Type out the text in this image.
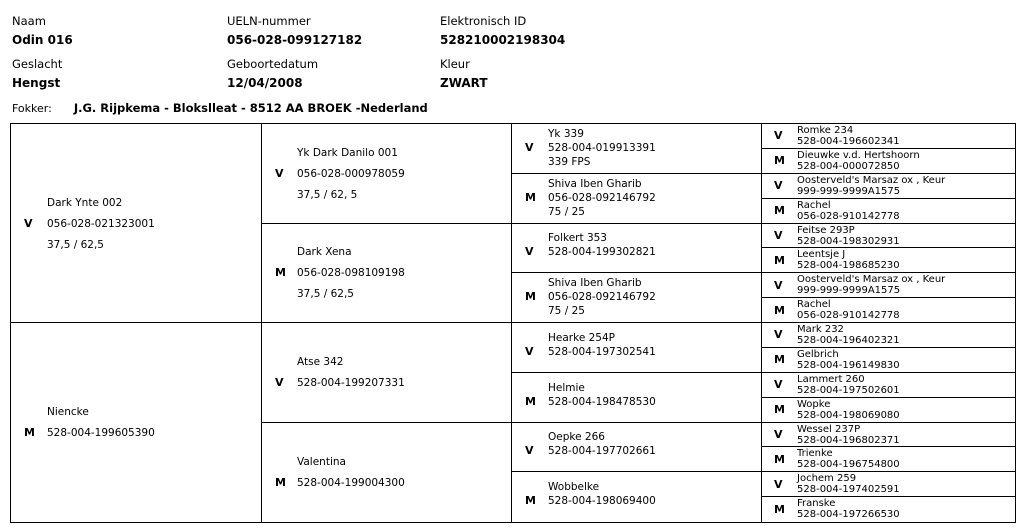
Naam
Odin 016
UELN-nummer
056-028-099127182
Elektronisch ID
528210002198304
Geslacht
Hengst
Geboortedatum
12/04/2008
Kleur
ZWART
Fokker: J.G. Rijpkema - Blokslleat - 8512 AA BROEK -Nederland
V
Dark Ynte 002
056-028-021323001
37,5 / 62,5
M
Niencke
528-004-199605390
V
Yk Dark Danilo 001
056-028-000978059
37,5 / 62, 5
M
Dark Xena
056-028-098109198
37,5 / 62,5
V
Atse 342
528-004-199207331
M
Valentina
528-004-199004300
V
Yk 339
528-004-019913391
339 FPS
M
Shiva Iben Gharib
056-028-092146792
75 / 25
V
Folkert 353
528-004-199302821
M
Shiva Iben Gharib
056-028-092146792
75 / 25
V
Hearke 254P
528-004-197302541
M
Helmie
528-004-198478530
V
Oepke 266
528-004-197702661
M
Wobbelke
528-004-198069400
V Romke 234
528-004-196602341
M Dieuwke v.d. Hertshoorn
528-004-000072850
V Oosterveld's Marsaz ox , Keur
999-999-9999A1575
M Rachel
056-028-910142778
V Feitse 293P
528-004-198302931
M Leentsje J
528-004-198685230
V Oosterveld's Marsaz ox , Keur
999-999-9999A1575
M Rachel
056-028-910142778
V Mark 232
528-004-196402321
M Gelbrich
528-004-196149830
V Lammert 260
528-004-197502601
M Wopke
528-004-198069080
V Wessel 237P
528-004-196802371
M Trienke
528-004-196754800
V Jochem 259
528-004-197402591
M Franske
528-004-197266530
